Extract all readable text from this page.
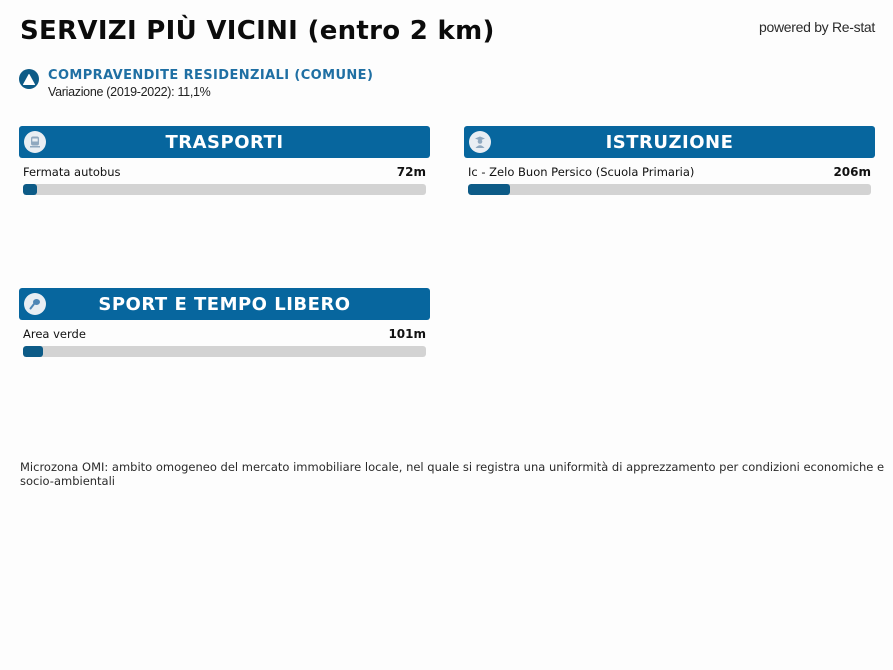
SERVIZI PIÙ VICINI (entro 2 km)	powered by Re-stat
COMPRAVENDITE RESIDENZIALI (COMUNE)
Variazione (2019-2022): 11,1%
TRASPORTI
Fermata autobus	72m
ISTRUZIONE
Ic - Zelo Buon Persico (Scuola Primaria)	206m
SPORT E TEMPO LIBERO
Area verde	101m
Microzona OMI: ambito omogeneo del mercato immobiliare locale, nel quale si registra una uniformità di apprezzamento per condizioni economiche e socio-ambientali
